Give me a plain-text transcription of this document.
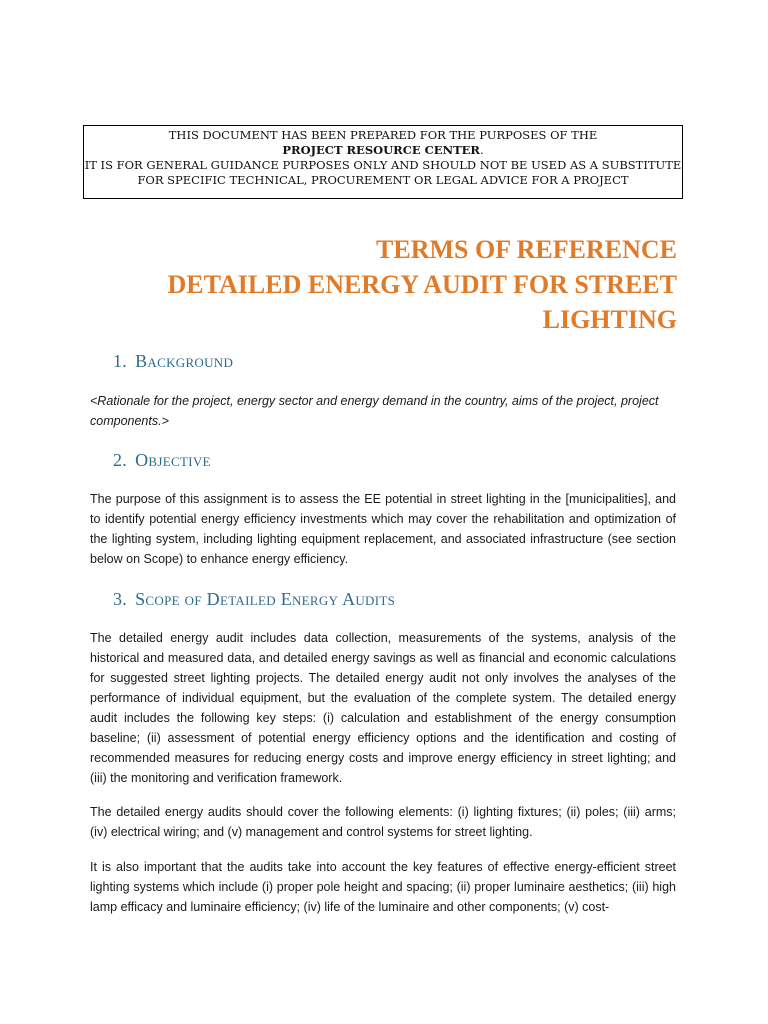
THIS DOCUMENT HAS BEEN PREPARED FOR THE PURPOSES OF THE
PROJECT RESOURCE CENTER.
IT IS FOR GENERAL GUIDANCE PURPOSES ONLY AND SHOULD NOT BE USED AS A SUBSTITUTE
FOR SPECIFIC TECHNICAL, PROCUREMENT OR LEGAL ADVICE FOR A PROJECT
TERMS OF REFERENCE
DETAILED ENERGY AUDIT FOR STREET
LIGHTING
1. Background

<Rationale for the project, energy sector and energy demand in the country, aims of the project, project components.>

2. Objective

The purpose of this assignment is to assess the EE potential in street lighting in the [municipalities], and to identify potential energy efficiency investments which may cover the rehabilitation and optimization of the lighting system, including lighting equipment replacement, and associated infrastructure (see section below on Scope) to enhance energy efficiency.

3. Scope of Detailed Energy Audits

The detailed energy audit includes data collection, measurements of the systems, analysis of the historical and measured data, and detailed energy savings as well as financial and economic calculations for suggested street lighting projects. The detailed energy audit not only involves the analyses of the performance of individual equipment, but the evaluation of the complete system. The detailed energy audit includes the following key steps: (i) calculation and establishment of the energy consumption baseline; (ii) assessment of potential energy efficiency options and the identification and costing of recommended measures for reducing energy costs and improve energy efficiency in street lighting; and (iii) the monitoring and verification framework.

The detailed energy audits should cover the following elements: (i) lighting fixtures; (ii) poles; (iii) arms; (iv) electrical wiring; and (v) management and control systems for street lighting.

It is also important that the audits take into account the key features of effective energy-efficient street lighting systems which include (i) proper pole height and spacing; (ii) proper luminaire aesthetics; (iii) high lamp efficacy and luminaire efficiency; (iv) life of the luminaire and other components; (v) cost-
